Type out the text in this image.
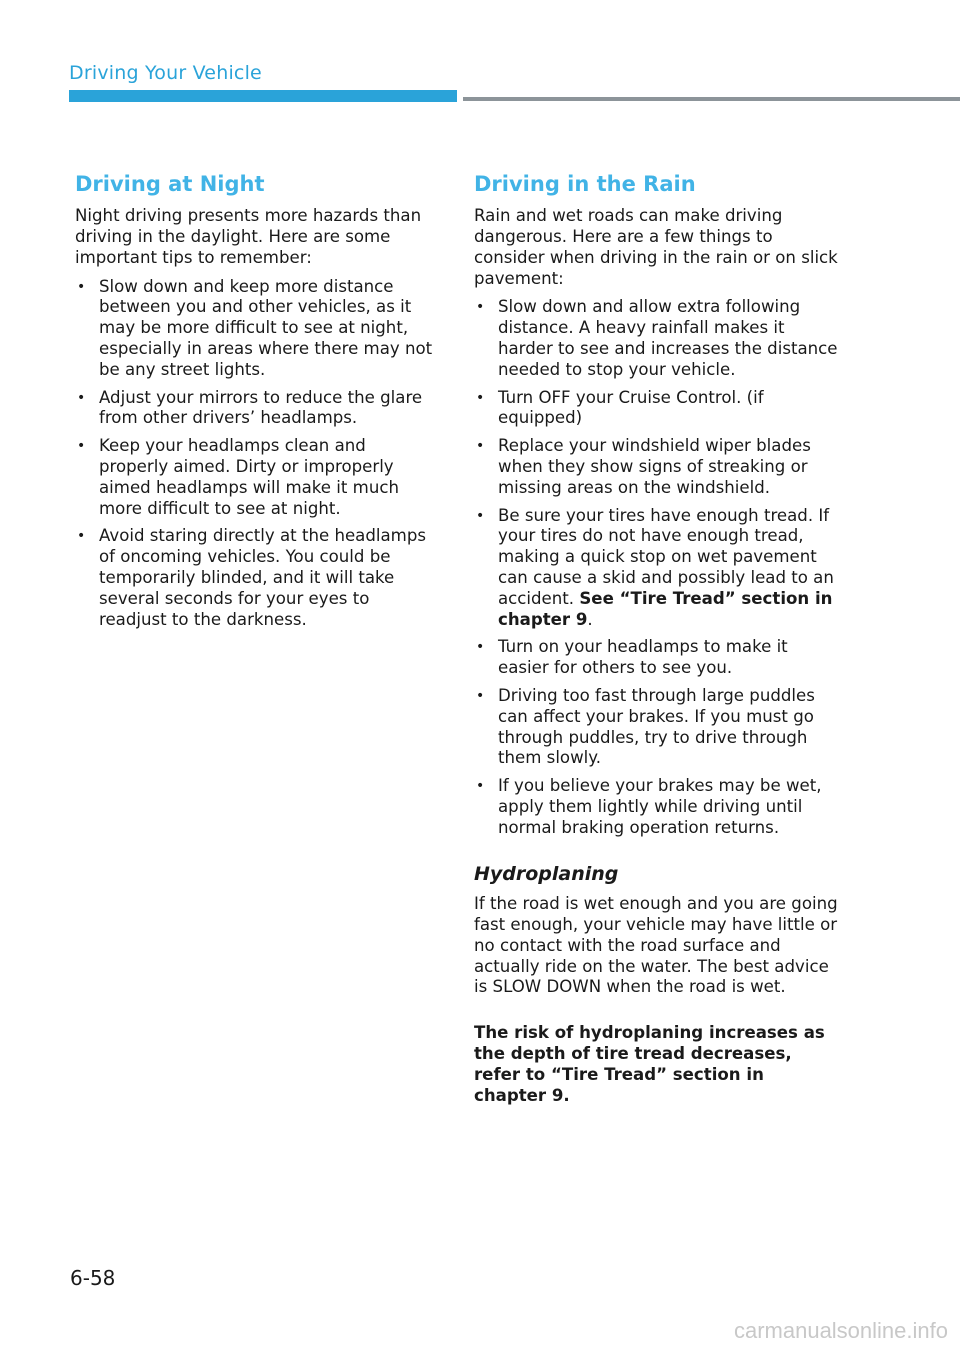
Driving Your Vehicle
Driving at Night

Night driving presents more hazards than driving in the daylight. Here are some important tips to remember:

• Slow down and keep more distance between you and other vehicles, as it may be more difficult to see at night, especially in areas where there may not be any street lights.
• Adjust your mirrors to reduce the glare from other drivers’ headlamps.
• Keep your headlamps clean and properly aimed. Dirty or improperly aimed headlamps will make it much more difficult to see at night.
• Avoid staring directly at the headlamps of oncoming vehicles. You could be temporarily blinded, and it will take several seconds for your eyes to readjust to the darkness.
Driving in the Rain

Rain and wet roads can make driving dangerous. Here are a few things to consider when driving in the rain or on slick pavement:

• Slow down and allow extra following distance. A heavy rainfall makes it harder to see and increases the distance needed to stop your vehicle.
• Turn OFF your Cruise Control. (if equipped)
• Replace your windshield wiper blades when they show signs of streaking or missing areas on the windshield.
• Be sure your tires have enough tread. If your tires do not have enough tread, making a quick stop on wet pavement can cause a skid and possibly lead to an accident. See “Tire Tread” section in chapter 9.
• Turn on your headlamps to make it easier for others to see you.
• Driving too fast through large puddles can affect your brakes. If you must go through puddles, try to drive through them slowly.
• If you believe your brakes may be wet, apply them lightly while driving until normal braking operation returns.
Hydroplaning

If the road is wet enough and you are going fast enough, your vehicle may have little or no contact with the road surface and actually ride on the water. The best advice is SLOW DOWN when the road is wet.

The risk of hydroplaning increases as the depth of tire tread decreases, refer to “Tire Tread” section in chapter 9.

6-58
carmanualsonline.info
